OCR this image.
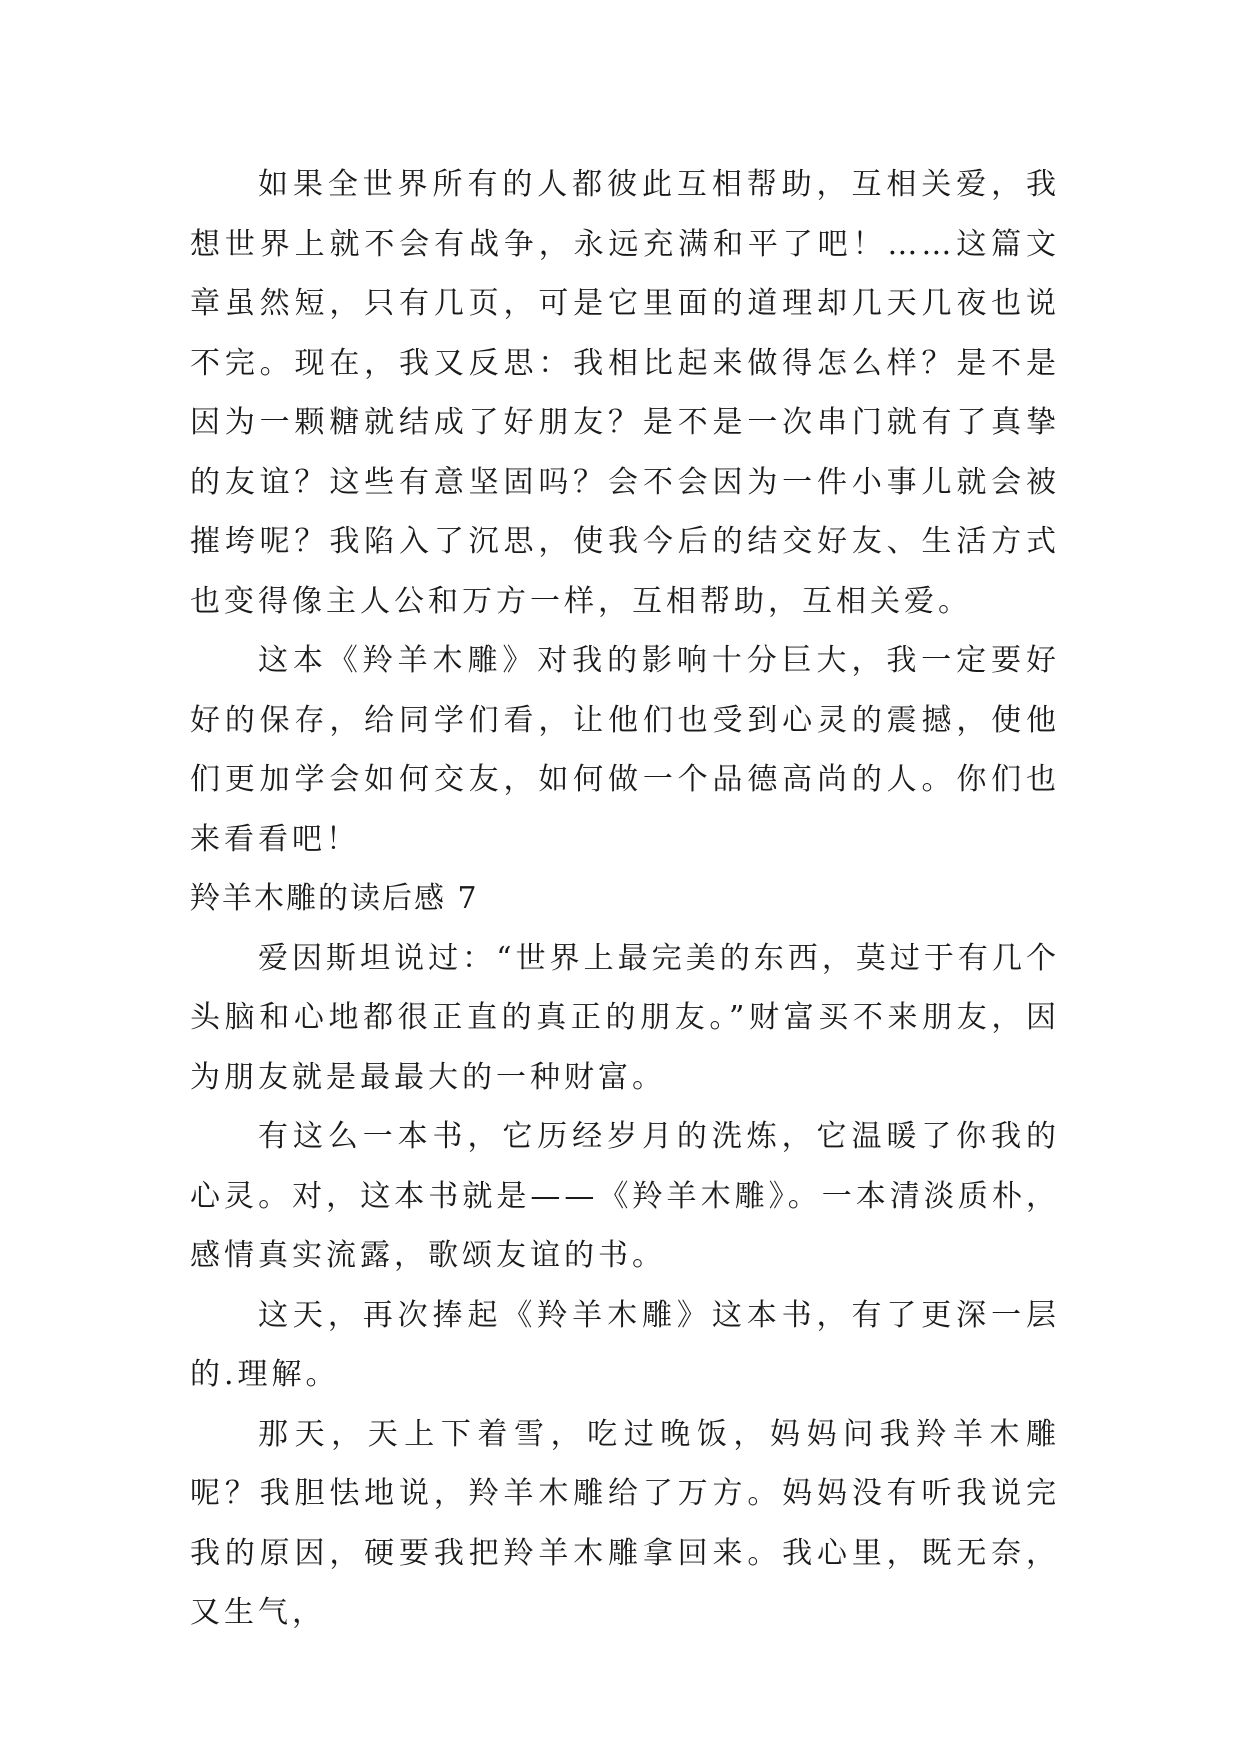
如果全世界所有的人都彼此互相帮助，互相关爱，我想世界上就不会有战争，永远充满和平了吧！……这篇文章虽然短，只有几页，可是它里面的道理却几天几夜也说不完。现在，我又反思：我相比起来做得怎么样？是不是因为一颗糖就结成了好朋友？是不是一次串门就有了真挚的友谊？这些有意坚固吗？会不会因为一件小事儿就会被摧垮呢？我陷入了沉思，使我今后的结交好友、生活方式也变得像主人公和万方一样，互相帮助，互相关爱。

这本《羚羊木雕》对我的影响十分巨大，我一定要好好的保存，给同学们看，让他们也受到心灵的震撼，使他们更加学会如何交友，如何做一个品德高尚的人。你们也来看看吧！

羚羊木雕的读后感 7

爱因斯坦说过：“世界上最完美的东西，莫过于有几个头脑和心地都很正直的真正的朋友。”财富买不来朋友，因为朋友就是最最大的一种财富。

有这么一本书，它历经岁月的洗炼，它温暖了你我的心灵。对，这本书就是——《羚羊木雕》。一本清淡质朴，感情真实流露，歌颂友谊的书。

这天，再次捧起《羚羊木雕》这本书，有了更深一层的.理解。

那天，天上下着雪，吃过晚饭，妈妈问我羚羊木雕呢？我胆怯地说，羚羊木雕给了万方。妈妈没有听我说完我的原因，硬要我把羚羊木雕拿回来。我心里，既无奈，又生气，
